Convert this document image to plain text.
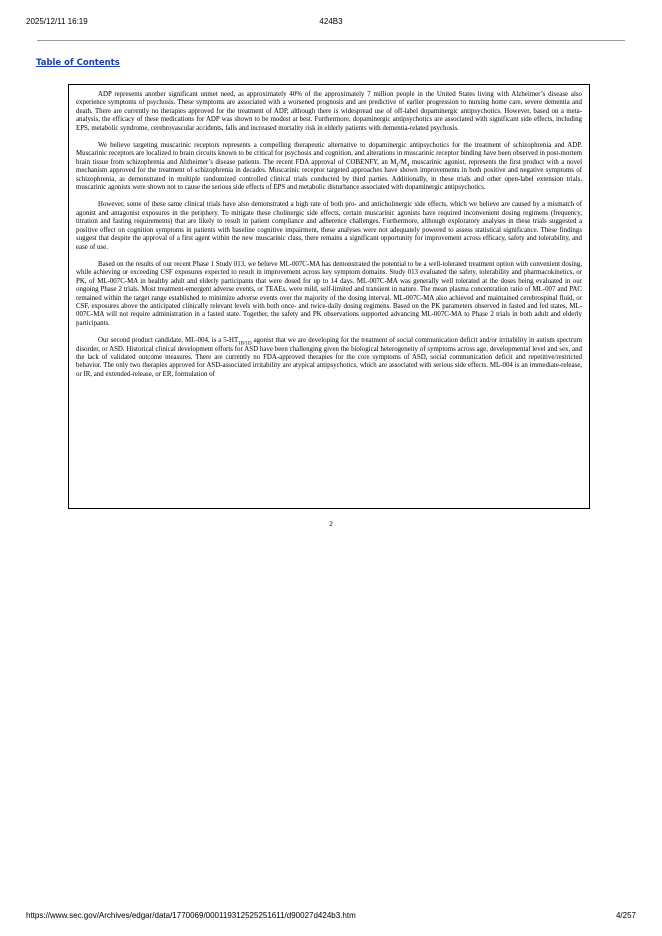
2025/12/11 16:19	424B3
Table of Contents

ADP represents another significant unmet need, as approximately 40% of the approximately 7 million people in the United States living with Alzheimer’s disease also experience symptoms of psychosis. These symptoms are associated with a worsened prognosis and are predictive of earlier progression to nursing home care, severe dementia and death. There are currently no therapies approved for the treatment of ADP, although there is widespread use of off-label dopaminergic antipsychotics. However, based on a meta-analysis, the efficacy of these medications for ADP was shown to be modest at best. Furthermore, dopaminergic antipsychotics are associated with significant side effects, including EPS, metabolic syndrome, cerebrovascular accidents, falls and increased mortality risk in elderly patients with dementia-related psychosis.

We believe targeting muscarinic receptors represents a compelling therapeutic alternative to dopaminergic antipsychotics for the treatment of schizophrenia and ADP. Muscarinic receptors are localized to brain circuits known to be critical for psychosis and cognition, and alterations in muscarinic receptor binding have been observed in post-mortem brain tissue from schizophrenia and Alzheimer’s disease patients. The recent FDA approval of COBENFY, an $M_1/M_4$ muscarinic agonist, represents the first product with a novel mechanism approved for the treatment of schizophrenia in decades. Muscarinic receptor targeted approaches have shown improvements in both positive and negative symptoms of schizophrenia, as demonstrated in multiple randomized controlled clinical trials conducted by third parties. Additionally, in these trials and other open-label extension trials, muscarinic agonists were shown not to cause the serious side effects of EPS and metabolic disturbance associated with dopaminergic antipsychotics.

However, some of these same clinical trials have also demonstrated a high rate of both pro- and anticholinergic side effects, which we believe are caused by a mismatch of agonist and antagonist exposures in the periphery. To mitigate these cholinergic side effects, certain muscarinic agonists have required inconvenient dosing regimens (frequency, titration and fasting requirements) that are likely to result in patient compliance and adherence challenges. Furthermore, although exploratory analyses in these trials suggested a positive effect on cognition symptoms in patients with baseline cognitive impairment, these analyses were not adequately powered to assess statistical significance. These findings suggest that despite the approval of a first agent within the new muscarinic class, there remains a significant opportunity for improvement across efficacy, safety and tolerability, and ease of use.

Based on the results of our recent Phase 1 Study 013, we believe ML-007C-MA has demonstrated the potential to be a well-tolerated treatment option with convenient dosing, while achieving or exceeding CSF exposures expected to result in improvement across key symptom domains. Study 013 evaluated the safety, tolerability and pharmacokinetics, or PK, of ML-007C-MA in healthy adult and elderly participants that were dosed for up to 14 days. ML-007C-MA was generally well tolerated at the doses being evaluated in our ongoing Phase 2 trials. Most treatment-emergent adverse events, or TEAEs, were mild, self-limited and transient in nature. The mean plasma concentration ratio of ML-007 and PAC remained within the target range established to minimize adverse events over the majority of the dosing interval. ML-007C-MA also achieved and maintained cerebrospinal fluid, or CSF, exposures above the anticipated clinically relevant levels with both once- and twice-daily dosing regimens. Based on the PK parameters observed in fasted and fed states, ML-007C-MA will not require administration in a fasted state. Together, the safety and PK observations supported advancing ML-007C-MA to Phase 2 trials in both adult and elderly participants.

Our second product candidate, ML-004, is a $5-HT_{1B/1D}$ agonist that we are developing for the treatment of social communication deficit and/or irritability in autism spectrum disorder, or ASD. Historical clinical development efforts for ASD have been challenging given the biological heterogeneity of symptoms across age, developmental level and sex, and the lack of validated outcome measures. There are currently no FDA-approved therapies for the core symptoms of ASD, social communication deficit and repetitive/restricted behavior. The only two therapies approved for ASD-associated irritability are atypical antipsychotics, which are associated with serious side effects. ML-004 is an immediate-release, or IR, and extended-release, or ER, formulation of

2
https://www.sec.gov/Archives/edgar/data/1770069/000119312525251611/d90027d424b3.htm	4/257
